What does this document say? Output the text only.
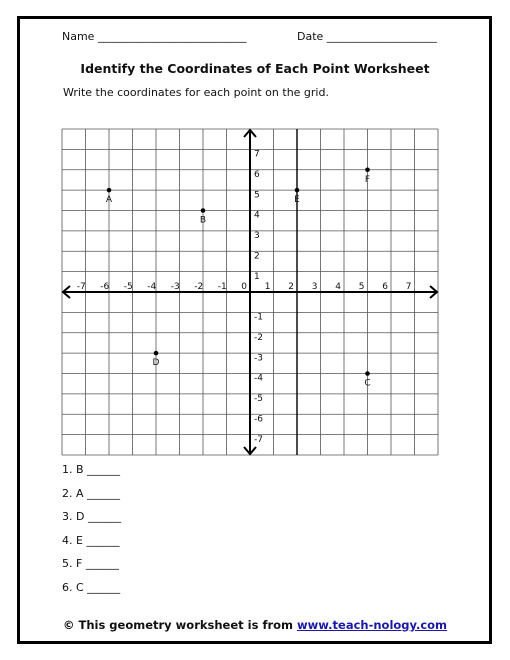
Name ___________________________	Date ____________________
Identify the Coordinates of Each Point Worksheet
Write the coordinates for each point on the grid.
-7 -6 -5 -4 -3 -2 -1 0 1 2 3 4 5 6 7
7
6
5
4
3
2
1
-1
-2
-3
-4
-5
-6
-7
A
B
E
F
D
C
1. B ______
2. A ______
3. D ______
4. E ______
5. F ______
6. C ______
© This geometry worksheet is from www.teach-nology.com
